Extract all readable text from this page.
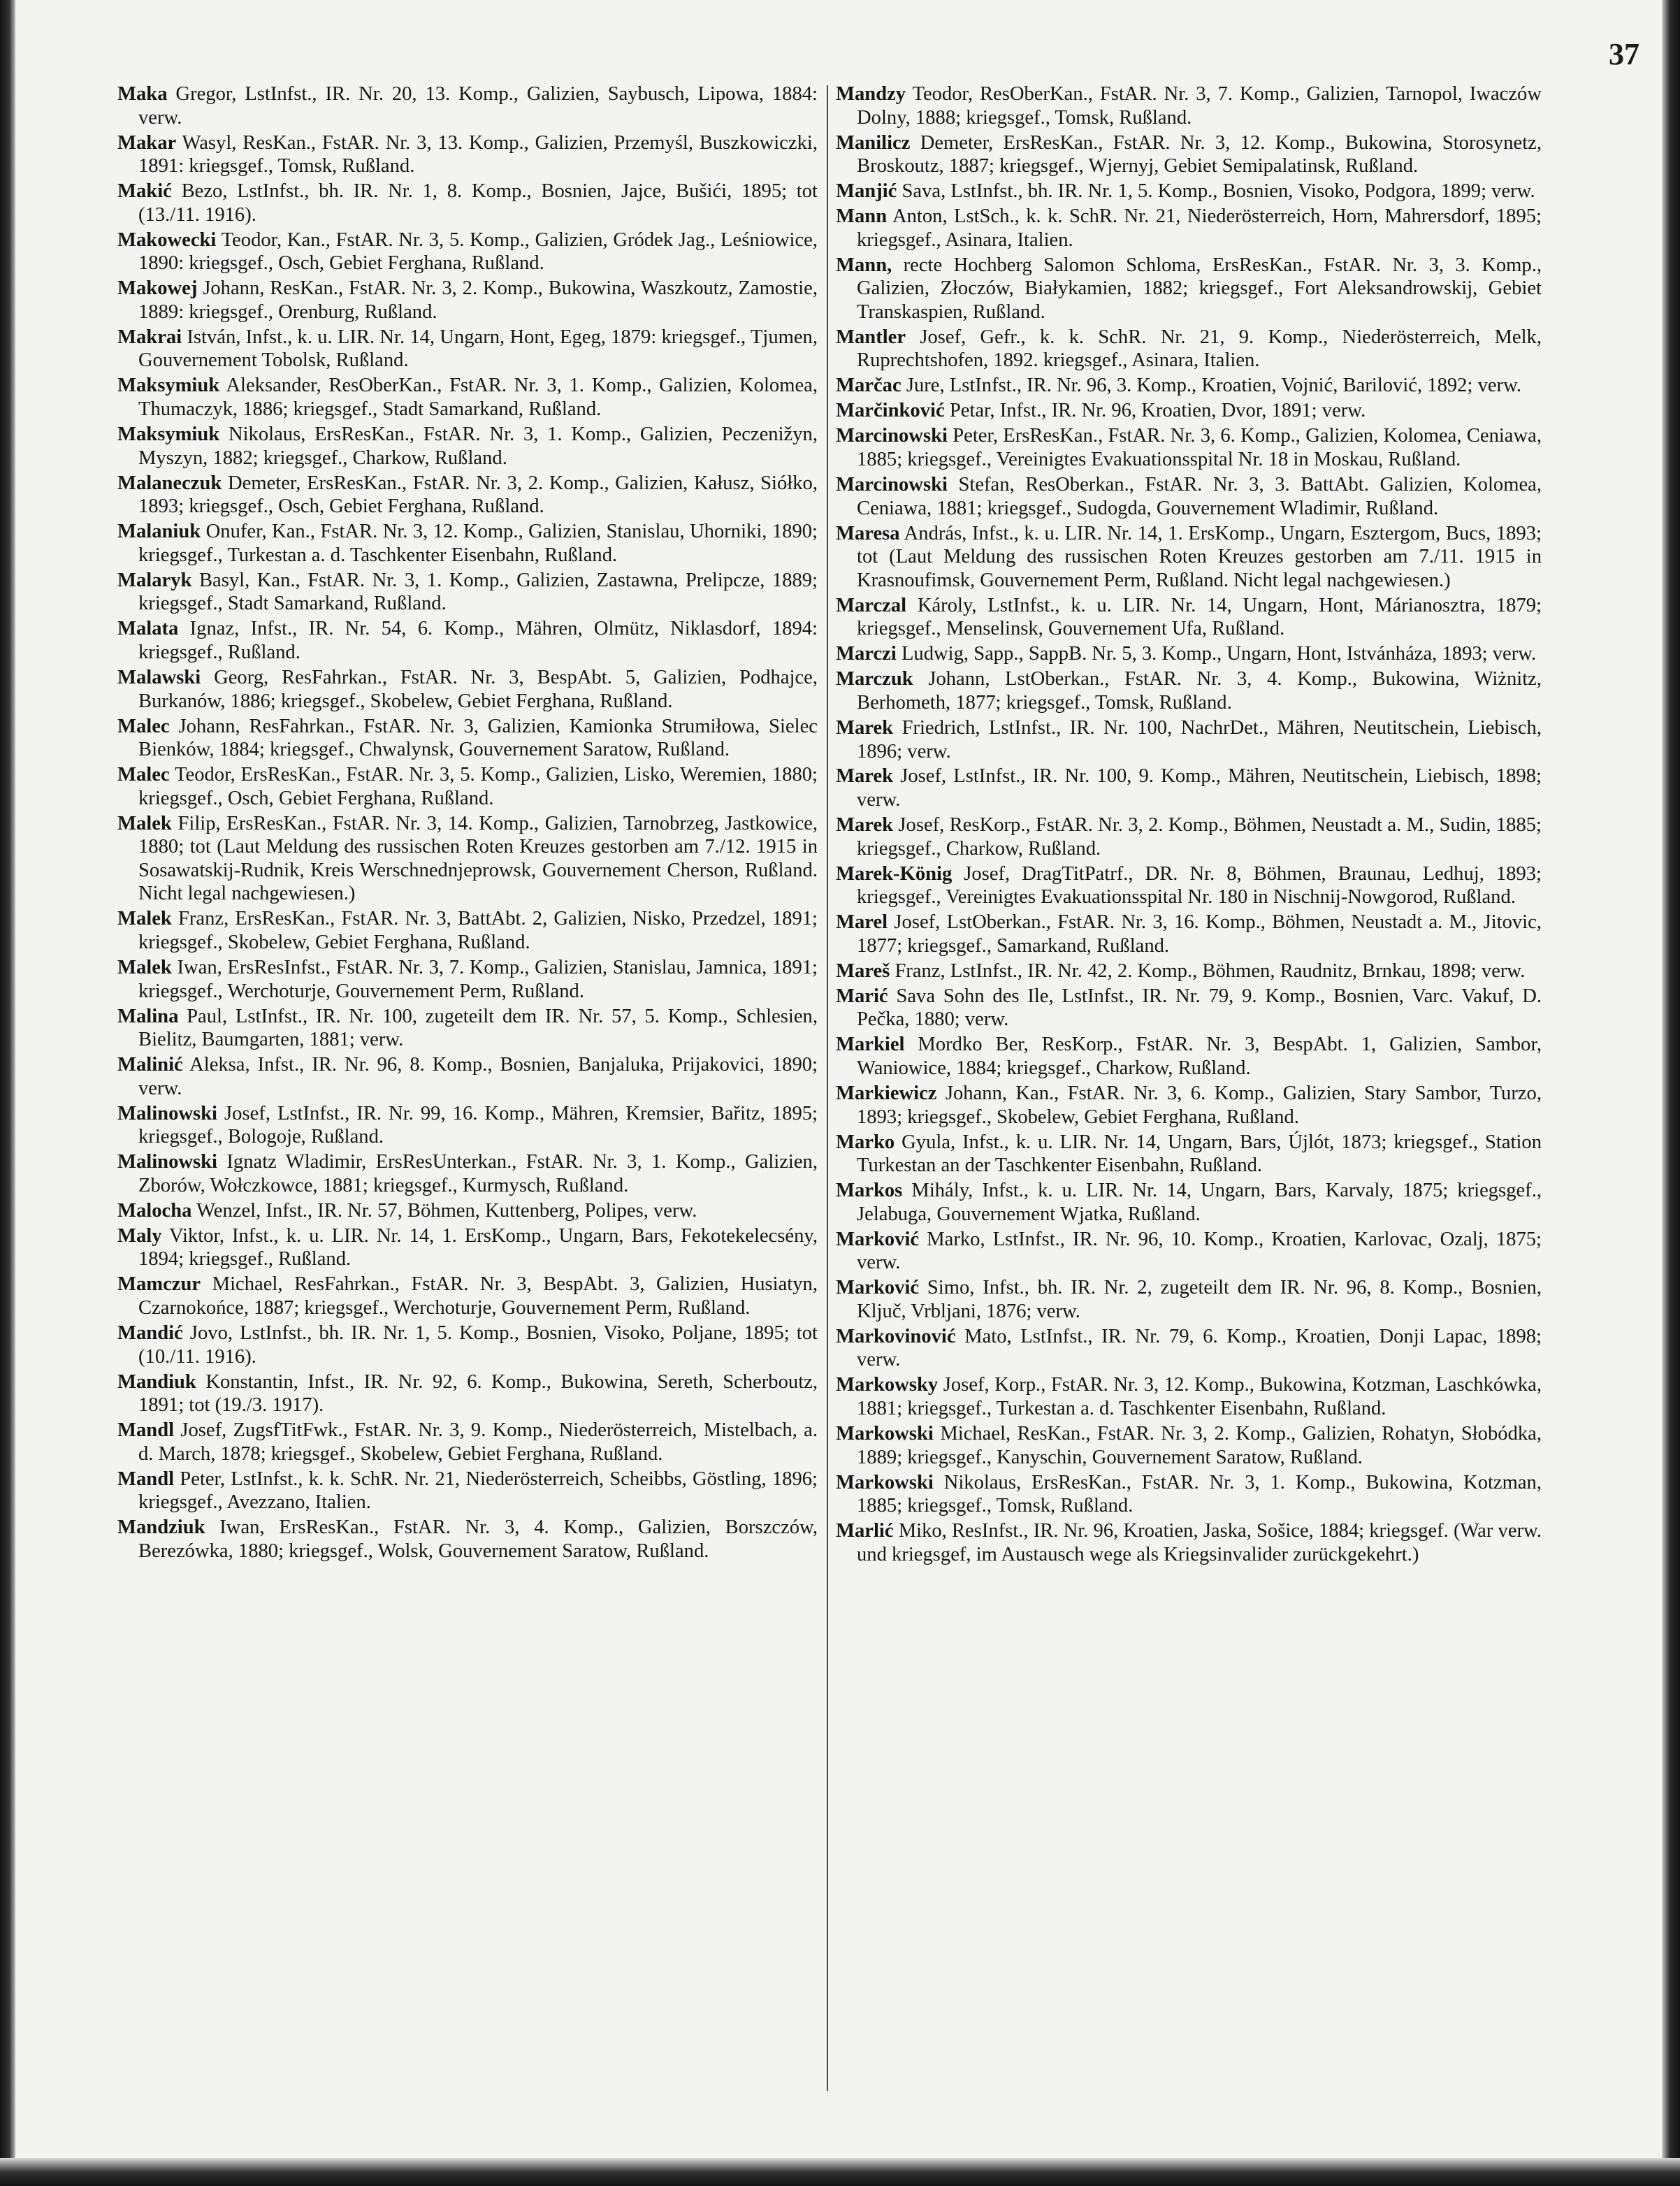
37

Maka Gregor, LstInfst., IR. Nr. 20, 13. Komp., Galizien, Saybusch, Lipowa, 1884: verw.

Makar Wasyl, ResKan., FstAR. Nr. 3, 13. Komp., Galizien, Przemyśl, Buszkowiczki, 1891: kriegsgef., Tomsk, Rußland.

Makić Bezo, LstInfst., bh. IR. Nr. 1, 8. Komp., Bosnien, Jajce, Bušići, 1895; tot (13./11. 1916).

Makowecki Teodor, Kan., FstAR. Nr. 3, 5. Komp., Galizien, Gródek Jag., Leśniowice, 1890: kriegsgef., Osch, Gebiet Ferghana, Rußland.

Makowej Johann, ResKan., FstAR. Nr. 3, 2. Komp., Bukowina, Waszkoutz, Zamostie, 1889: kriegsgef., Orenburg, Rußland.

Makrai István, Infst., k. u. LIR. Nr. 14, Ungarn, Hont, Egeg, 1879: kriegsgef., Tjumen, Gouvernement Tobolsk, Rußland.

Maksymiuk Aleksander, ResOberKan., FstAR. Nr. 3, 1. Komp., Galizien, Kolomea, Thumaczyk, 1886; kriegsgef., Stadt Samarkand, Rußland.

Maksymiuk Nikolaus, ErsResKan., FstAR. Nr. 3, 1. Komp., Galizien, Peczenižyn, Myszyn, 1882; kriegsgef., Charkow, Rußland.

Malaneczuk Demeter, ErsResKan., FstAR. Nr. 3, 2. Komp., Galizien, Kałusz, Siółko, 1893; kriegsgef., Osch, Gebiet Ferghana, Rußland.

Malaniuk Onufer, Kan., FstAR. Nr. 3, 12. Komp., Galizien, Stanislau, Uhorniki, 1890; kriegsgef., Turkestan a. d. Taschkenter Eisenbahn, Rußland.

Malaryk Basyl, Kan., FstAR. Nr. 3, 1. Komp., Galizien, Zastawna, Prelipcze, 1889; kriegsgef., Stadt Samarkand, Rußland.

Malata Ignaz, Infst., IR. Nr. 54, 6. Komp., Mähren, Olmütz, Niklasdorf, 1894: kriegsgef., Rußland.

Malawski Georg, ResFahrkan., FstAR. Nr. 3, BespAbt. 5, Galizien, Podhajce, Burkanów, 1886; kriegsgef., Skobelew, Gebiet Ferghana, Rußland.

Malec Johann, ResFahrkan., FstAR. Nr. 3, Galizien, Kamionka Strumiłowa, Sielec Bienków, 1884; kriegsgef., Chwalynsk, Gouvernement Saratow, Rußland.

Malec Teodor, ErsResKan., FstAR. Nr. 3, 5. Komp., Galizien, Lisko, Weremien, 1880; kriegsgef., Osch, Gebiet Ferghana, Rußland.

Malek Filip, ErsResKan., FstAR. Nr. 3, 14. Komp., Galizien, Tarnobrzeg, Jastkowice, 1880; tot (Laut Meldung des russischen Roten Kreuzes gestorben am 7./12. 1915 in Sosawatskij-Rudnik, Kreis Werschnednjeprowsk, Gouvernement Cherson, Rußland. Nicht legal nachgewiesen.)

Malek Franz, ErsResKan., FstAR. Nr. 3, BattAbt. 2, Galizien, Nisko, Przedzel, 1891; kriegsgef., Skobelew, Gebiet Ferghana, Rußland.

Malek Iwan, ErsResInfst., FstAR. Nr. 3, 7. Komp., Galizien, Stanislau, Jamnica, 1891; kriegsgef., Werchoturje, Gouvernement Perm, Rußland.

Malina Paul, LstInfst., IR. Nr. 100, zugeteilt dem IR. Nr. 57, 5. Komp., Schlesien, Bielitz, Baumgarten, 1881; verw.

Malinić Aleksa, Infst., IR. Nr. 96, 8. Komp., Bosnien, Banjaluka, Prijakovici, 1890; verw.

Malinowski Josef, LstInfst., IR. Nr. 99, 16. Komp., Mähren, Kremsier, Bařitz, 1895; kriegsgef., Bologoje, Rußland.

Malinowski Ignatz Wladimir, ErsResUnterkan., FstAR. Nr. 3, 1. Komp., Galizien, Zborów, Wołczkowce, 1881; kriegsgef., Kurmysch, Rußland.

Malocha Wenzel, Infst., IR. Nr. 57, Böhmen, Kuttenberg, Polipes, verw.

Maly Viktor, Infst., k. u. LIR. Nr. 14, 1. ErsKomp., Ungarn, Bars, Fekotekelecsény, 1894; kriegsgef., Rußland.

Mamczur Michael, ResFahrkan., FstAR. Nr. 3, BespAbt. 3, Galizien, Husiatyn, Czarnokońce, 1887; kriegsgef., Werchoturje, Gouvernement Perm, Rußland.

Mandić Jovo, LstInfst., bh. IR. Nr. 1, 5. Komp., Bosnien, Visoko, Poljane, 1895; tot (10./11. 1916).

Mandiuk Konstantin, Infst., IR. Nr. 92, 6. Komp., Bukowina, Sereth, Scherboutz, 1891; tot (19./3. 1917).

Mandl Josef, ZugsfTitFwk., FstAR. Nr. 3, 9. Komp., Niederösterreich, Mistelbach, a. d. March, 1878; kriegsgef., Skobelew, Gebiet Ferghana, Rußland.

Mandl Peter, LstInfst., k. k. SchR. Nr. 21, Niederösterreich, Scheibbs, Göstling, 1896; kriegsgef., Avezzano, Italien.

Mandziuk Iwan, ErsResKan., FstAR. Nr. 3, 4. Komp., Galizien, Borszczów, Berezówka, 1880; kriegsgef., Wolsk, Gouvernement Saratow, Rußland.

Mandzy Teodor, ResOberKan., FstAR. Nr. 3, 7. Komp., Galizien, Tarnopol, Iwaczów Dolny, 1888; kriegsgef., Tomsk, Rußland.

Manilicz Demeter, ErsResKan., FstAR. Nr. 3, 12. Komp., Bukowina, Storosynetz, Broskoutz, 1887; kriegsgef., Wjernyj, Gebiet Semipalatinsk, Rußland.

Manjić Sava, LstInfst., bh. IR. Nr. 1, 5. Komp., Bosnien, Visoko, Podgora, 1899; verw.

Mann Anton, LstSch., k. k. SchR. Nr. 21, Niederösterreich, Horn, Mahrersdorf, 1895; kriegsgef., Asinara, Italien.

Mann, recte Hochberg Salomon Schloma, ErsResKan., FstAR. Nr. 3, 3. Komp., Galizien, Złoczów, Białykamien, 1882; kriegsgef., Fort Aleksandrowskij, Gebiet Transkaspien, Rußland.

Mantler Josef, Gefr., k. k. SchR. Nr. 21, 9. Komp., Niederösterreich, Melk, Ruprechtshofen, 1892. kriegsgef., Asinara, Italien.

Marčac Jure, LstInfst., IR. Nr. 96, 3. Komp., Kroatien, Vojnić, Barilović, 1892; verw.

Marčinković Petar, Infst., IR. Nr. 96, Kroatien, Dvor, 1891; verw.

Marcinowski Peter, ErsResKan., FstAR. Nr. 3, 6. Komp., Galizien, Kolomea, Ceniawa, 1885; kriegsgef., Vereinigtes Evakuationsspital Nr. 18 in Moskau, Rußland.

Marcinowski Stefan, ResOberkan., FstAR. Nr. 3, 3. BattAbt. Galizien, Kolomea, Ceniawa, 1881; kriegsgef., Sudogda, Gouvernement Wladimir, Rußland.

Maresa András, Infst., k. u. LIR. Nr. 14, 1. ErsKomp., Ungarn, Esztergom, Bucs, 1893; tot (Laut Meldung des russischen Roten Kreuzes gestorben am 7./11. 1915 in Krasnoufimsk, Gouvernement Perm, Rußland. Nicht legal nachgewiesen.)

Marczal Károly, LstInfst., k. u. LIR. Nr. 14, Ungarn, Hont, Márianosztra, 1879; kriegsgef., Menselinsk, Gouvernement Ufa, Rußland.

Marczi Ludwig, Sapp., SappB. Nr. 5, 3. Komp., Ungarn, Hont, Istvánháza, 1893; verw.

Marczuk Johann, LstOberkan., FstAR. Nr. 3, 4. Komp., Bukowina, Wiżnitz, Berhometh, 1877; kriegsgef., Tomsk, Rußland.

Marek Friedrich, LstInfst., IR. Nr. 100, NachrDet., Mähren, Neutitschein, Liebisch, 1896; verw.

Marek Josef, LstInfst., IR. Nr. 100, 9. Komp., Mähren, Neutitschein, Liebisch, 1898; verw.

Marek Josef, ResKorp., FstAR. Nr. 3, 2. Komp., Böhmen, Neustadt a. M., Sudin, 1885; kriegsgef., Charkow, Rußland.

Marek-König Josef, DragTitPatrf., DR. Nr. 8, Böhmen, Braunau, Ledhuj, 1893; kriegsgef., Vereinigtes Evakuationsspital Nr. 180 in Nischnij-Nowgorod, Rußland.

Marel Josef, LstOberkan., FstAR. Nr. 3, 16. Komp., Böhmen, Neustadt a. M., Jitovic, 1877; kriegsgef., Samarkand, Rußland.

Mareš Franz, LstInfst., IR. Nr. 42, 2. Komp., Böhmen, Raudnitz, Brnkau, 1898; verw.

Marić Sava Sohn des Ile, LstInfst., IR. Nr. 79, 9. Komp., Bosnien, Varc. Vakuf, D. Pečka, 1880; verw.

Markiel Mordko Ber, ResKorp., FstAR. Nr. 3, BespAbt. 1, Galizien, Sambor, Waniowice, 1884; kriegsgef., Charkow, Rußland.

Markiewicz Johann, Kan., FstAR. Nr. 3, 6. Komp., Galizien, Stary Sambor, Turzo, 1893; kriegsgef., Skobelew, Gebiet Ferghana, Rußland.

Marko Gyula, Infst., k. u. LIR. Nr. 14, Ungarn, Bars, Újlót, 1873; kriegsgef., Station Turkestan an der Taschkenter Eisenbahn, Rußland.

Markos Mihály, Infst., k. u. LIR. Nr. 14, Ungarn, Bars, Karvaly, 1875; kriegsgef., Jelabuga, Gouvernement Wjatka, Rußland.

Marković Marko, LstInfst., IR. Nr. 96, 10. Komp., Kroatien, Karlovac, Ozalj, 1875; verw.

Marković Simo, Infst., bh. IR. Nr. 2, zugeteilt dem IR. Nr. 96, 8. Komp., Bosnien, Ključ, Vrbljani, 1876; verw.

Markovinović Mato, LstInfst., IR. Nr. 79, 6. Komp., Kroatien, Donji Lapac, 1898; verw.

Markowsky Josef, Korp., FstAR. Nr. 3, 12. Komp., Bukowina, Kotzman, Laschkówka, 1881; kriegsgef., Turkestan a. d. Taschkenter Eisenbahn, Rußland.

Markowski Michael, ResKan., FstAR. Nr. 3, 2. Komp., Galizien, Rohatyn, Słobódka, 1889; kriegsgef., Kanyschin, Gouvernement Saratow, Rußland.

Markowski Nikolaus, ErsResKan., FstAR. Nr. 3, 1. Komp., Bukowina, Kotzman, 1885; kriegsgef., Tomsk, Rußland.

Marlić Miko, ResInfst., IR. Nr. 96, Kroatien, Jaska, Sošice, 1884; kriegsgef. (War verw. und kriegsgef, im Austausch wege als Kriegsinvalider zurückgekehrt.)
